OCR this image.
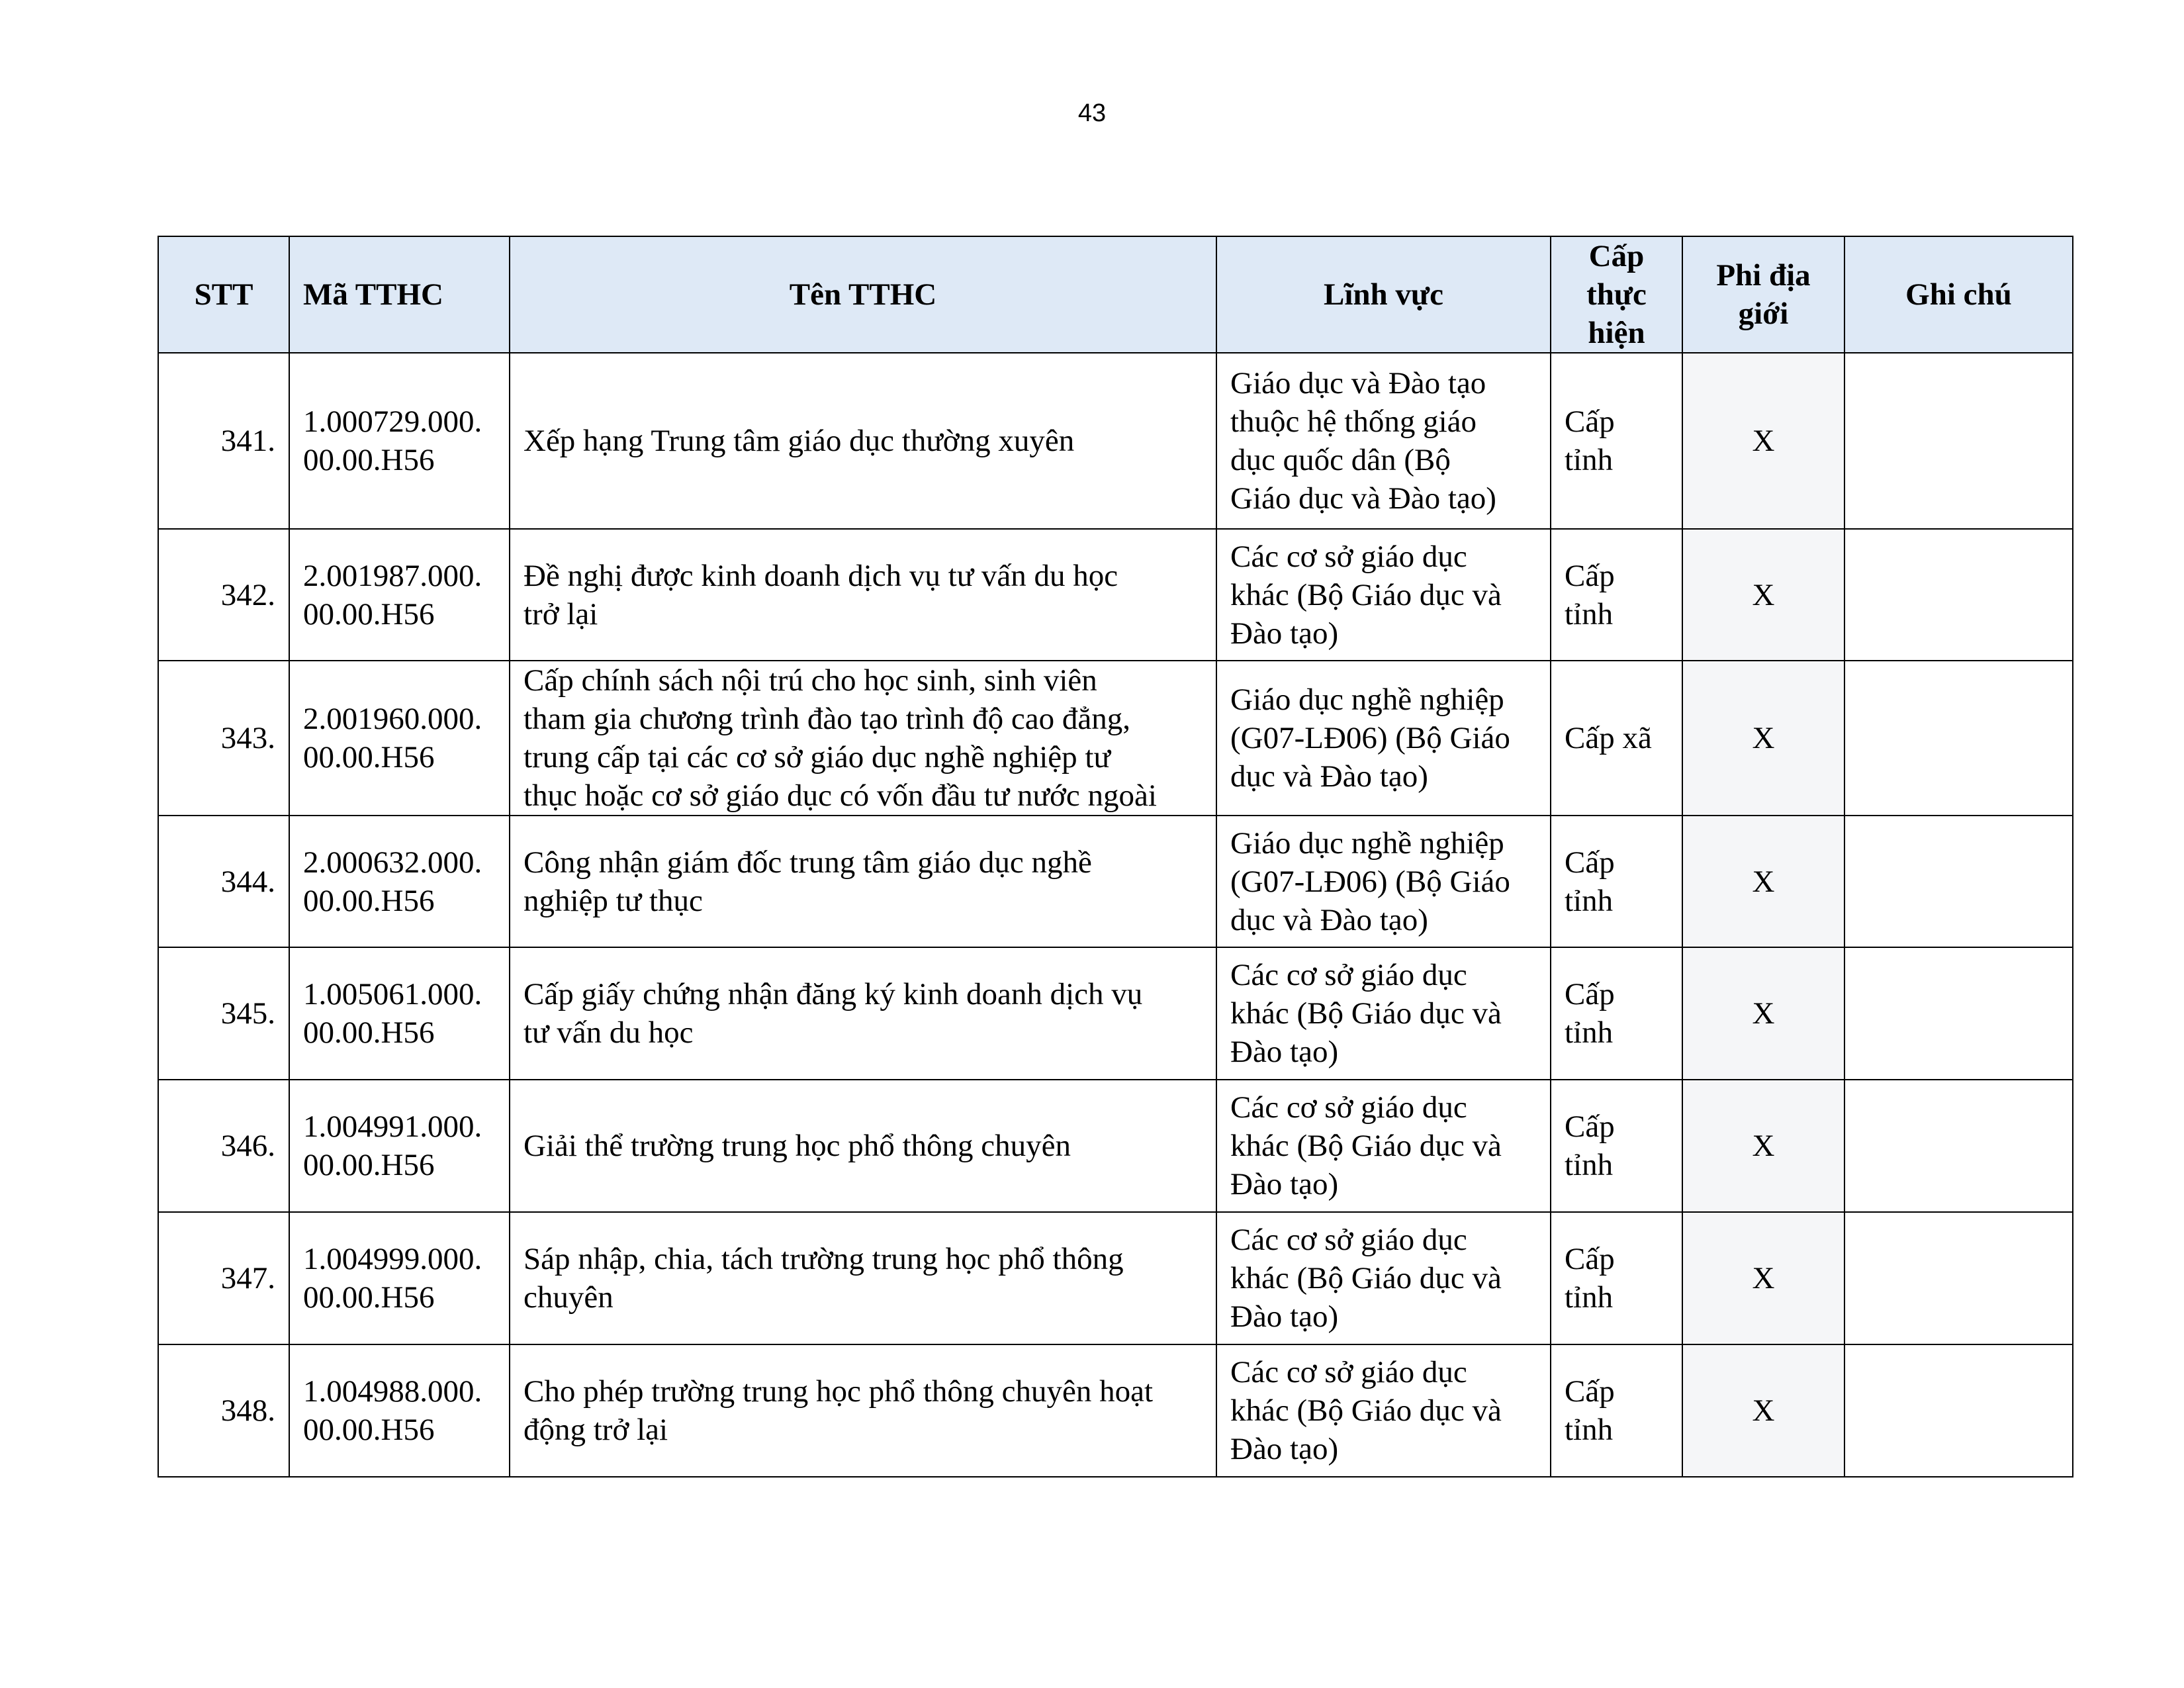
43
STT	Mã TTHC	Tên TTHC	Lĩnh vực	Cấp
thực
hiện	Phi địa
giới	Ghi chú
341.	1.000729.000.
00.00.H56	Xếp hạng Trung tâm giáo dục thường xuyên	Giáo dục và Đào tạo
thuộc hệ thống giáo
dục quốc dân (Bộ
Giáo dục và Đào tạo)	Cấp
tỉnh	X	
342.	2.001987.000.
00.00.H56	Đề nghị được kinh doanh dịch vụ tư vấn du học
trở lại	Các cơ sở giáo dục
khác (Bộ Giáo dục và
Đào tạo)	Cấp
tỉnh	X	
343.	2.001960.000.
00.00.H56	Cấp chính sách nội trú cho học sinh, sinh viên
tham gia chương trình đào tạo trình độ cao đẳng,
trung cấp tại các cơ sở giáo dục nghề nghiệp tư
thục hoặc cơ sở giáo dục có vốn đầu tư nước ngoài	Giáo dục nghề nghiệp
(G07-LĐ06) (Bộ Giáo
dục và Đào tạo)	Cấp xã	X	
344.	2.000632.000.
00.00.H56	Công nhận giám đốc trung tâm giáo dục nghề
nghiệp tư thục	Giáo dục nghề nghiệp
(G07-LĐ06) (Bộ Giáo
dục và Đào tạo)	Cấp
tỉnh	X	
345.	1.005061.000.
00.00.H56	Cấp giấy chứng nhận đăng ký kinh doanh dịch vụ
tư vấn du học	Các cơ sở giáo dục
khác (Bộ Giáo dục và
Đào tạo)	Cấp
tỉnh	X	
346.	1.004991.000.
00.00.H56	Giải thể trường trung học phổ thông chuyên	Các cơ sở giáo dục
khác (Bộ Giáo dục và
Đào tạo)	Cấp
tỉnh	X	
347.	1.004999.000.
00.00.H56	Sáp nhập, chia, tách trường trung học phổ thông
chuyên	Các cơ sở giáo dục
khác (Bộ Giáo dục và
Đào tạo)	Cấp
tỉnh	X	
348.	1.004988.000.
00.00.H56	Cho phép trường trung học phổ thông chuyên hoạt
động trở lại	Các cơ sở giáo dục
khác (Bộ Giáo dục và
Đào tạo)	Cấp
tỉnh	X	
